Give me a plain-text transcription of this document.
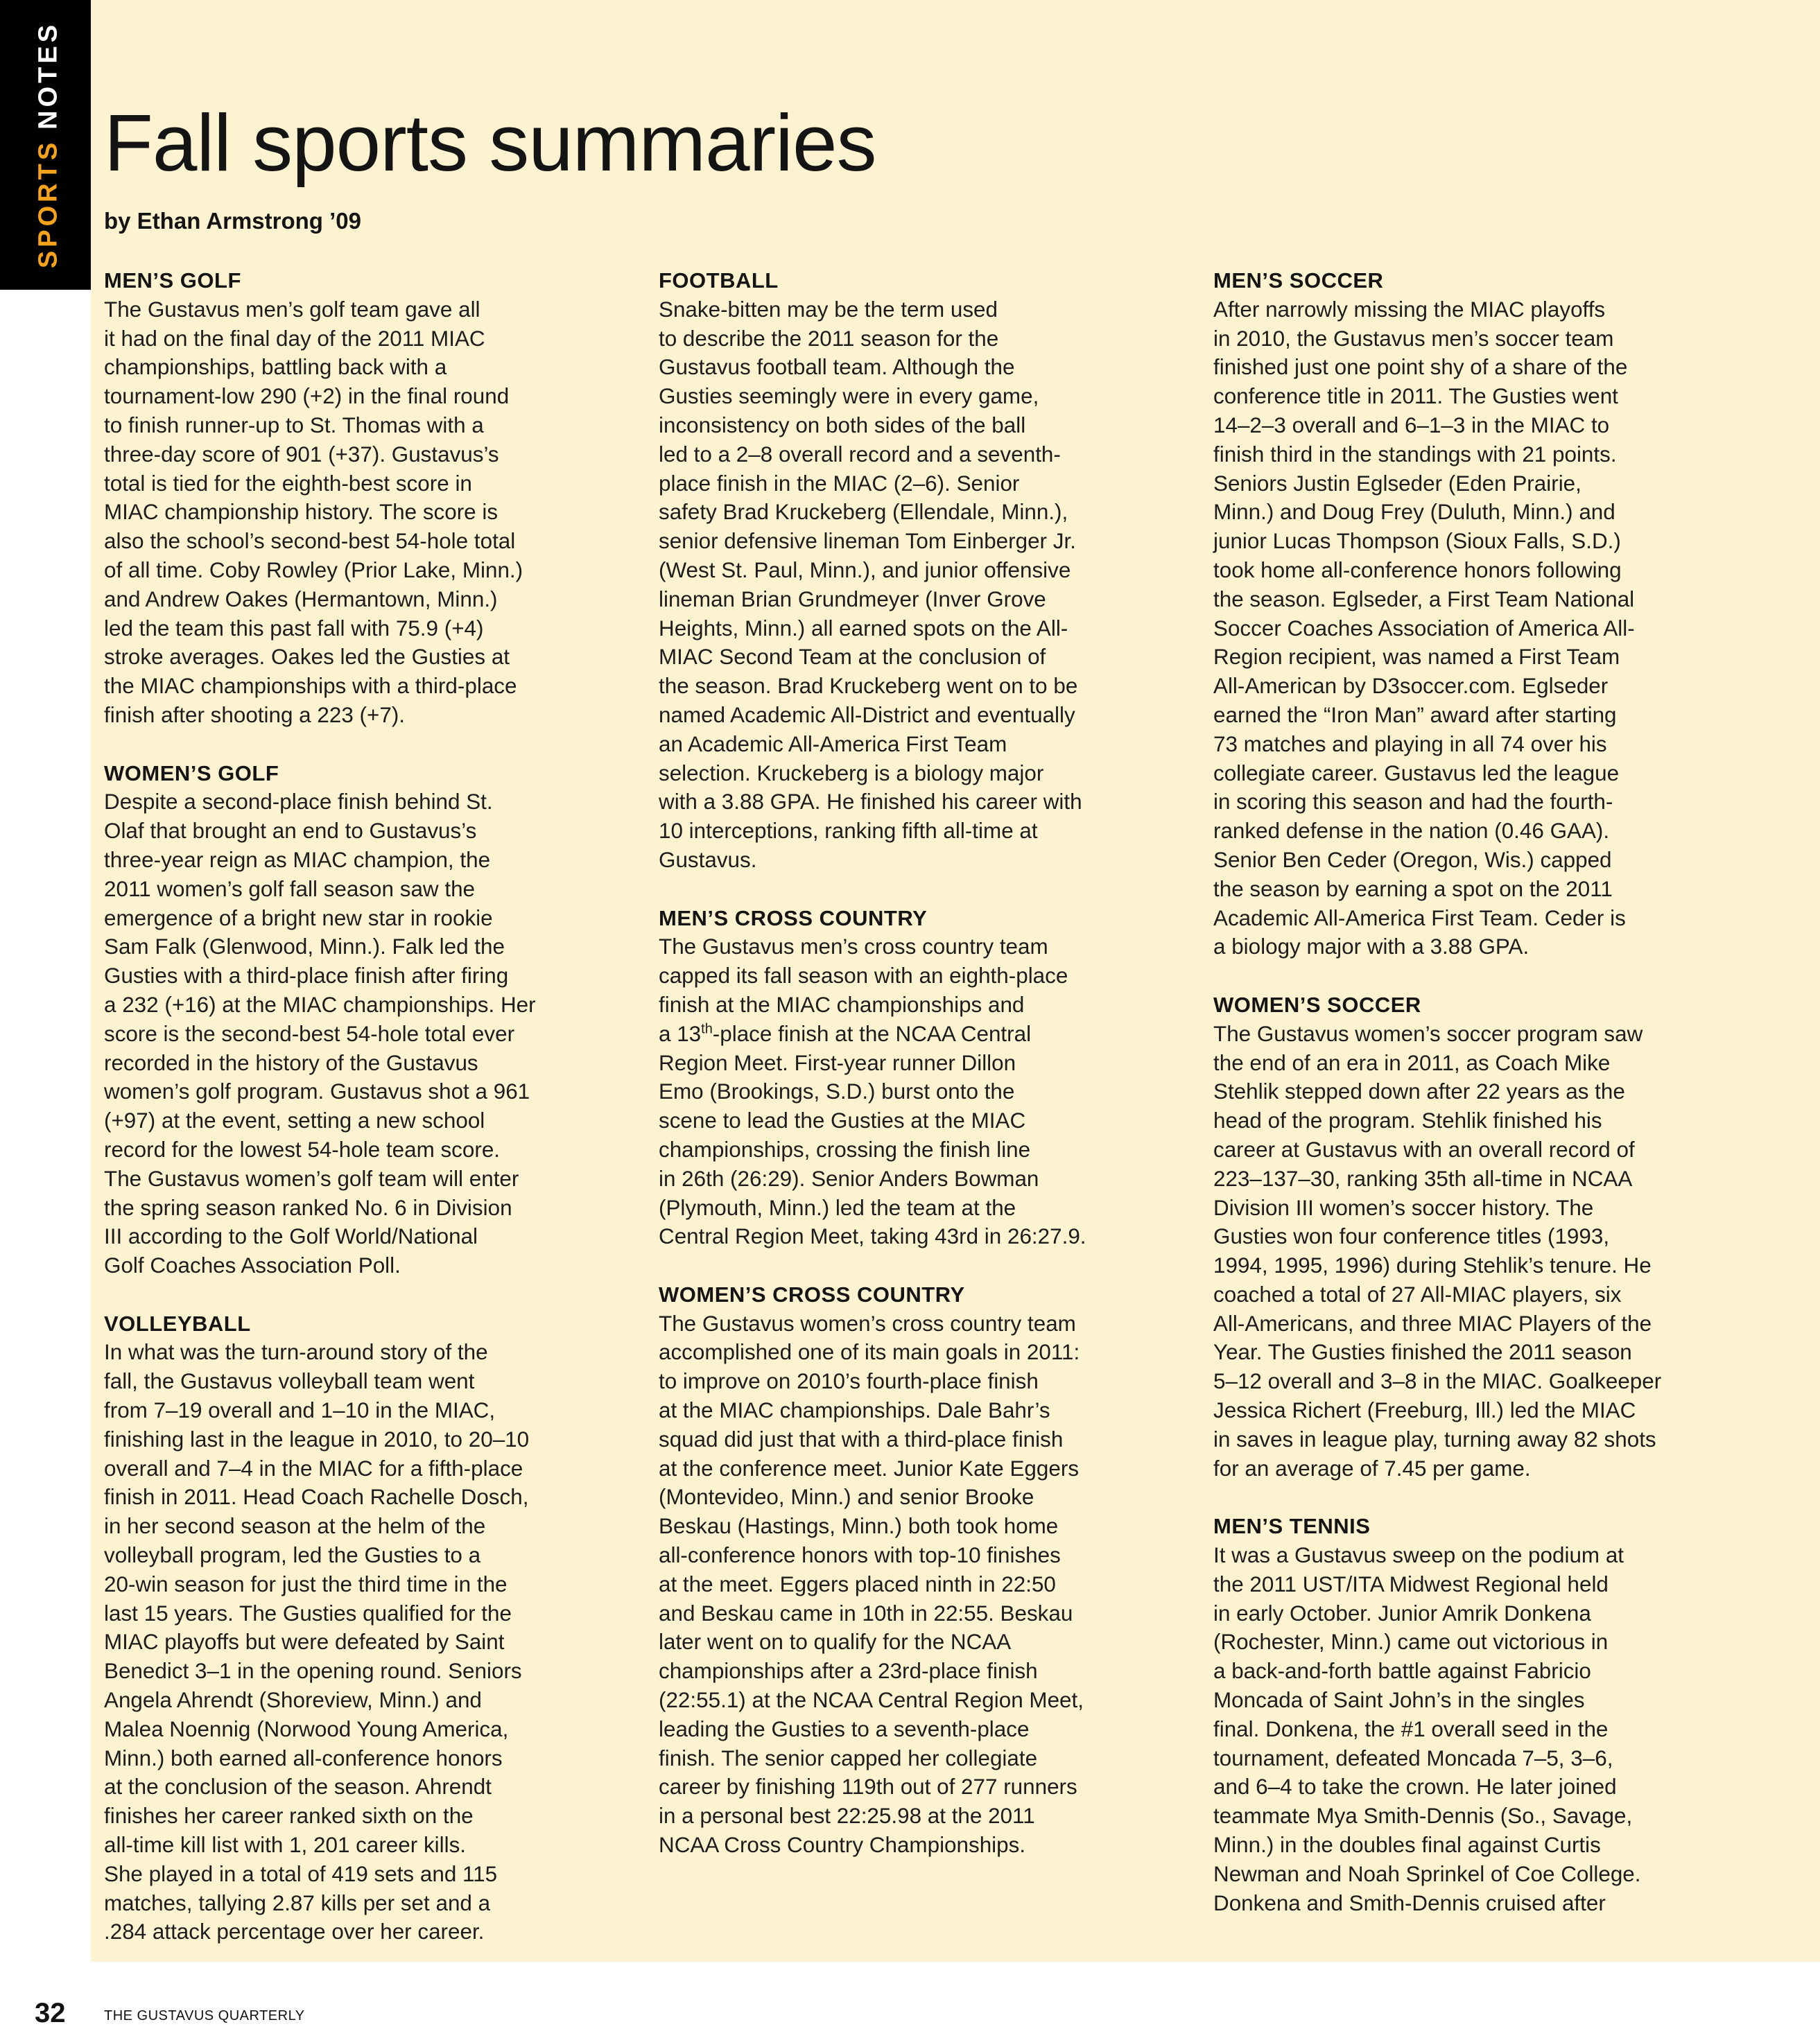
SPORTSNOTES
Fall sports summaries
by Ethan Armstrong ’09
MEN’S GOLF
The Gustavus men’s golf team gave all
it had on the final day of the 2011 MIAC
championships, battling back with a
tournament-low 290 (+2) in the final round
to finish runner-up to St. Thomas with a
three-day score of 901 (+37). Gustavus’s
total is tied for the eighth-best score in
MIAC championship history. The score is
also the school’s second-best 54-hole total
of all time. Coby Rowley (Prior Lake, Minn.)
and Andrew Oakes (Hermantown, Minn.)
led the team this past fall with 75.9 (+4)
stroke averages. Oakes led the Gusties at
the MIAC championships with a third-place
finish after shooting a 223 (+7).
WOMEN’S GOLF
Despite a second-place finish behind St.
Olaf that brought an end to Gustavus’s
three-year reign as MIAC champion, the
2011 women’s golf fall season saw the
emergence of a bright new star in rookie
Sam Falk (Glenwood, Minn.). Falk led the
Gusties with a third-place finish after firing
a 232 (+16) at the MIAC championships. Her
score is the second-best 54-hole total ever
recorded in the history of the Gustavus
women’s golf program. Gustavus shot a 961
(+97) at the event, setting a new school
record for the lowest 54-hole team score.
The Gustavus women’s golf team will enter
the spring season ranked No. 6 in Division
III according to the Golf World/National
Golf Coaches Association Poll.
VOLLEYBALL
In what was the turn-around story of the
fall, the Gustavus volleyball team went
from 7–19 overall and 1–10 in the MIAC,
finishing last in the league in 2010, to 20–10
overall and 7–4 in the MIAC for a fifth-place
finish in 2011. Head Coach Rachelle Dosch,
in her second season at the helm of the
volleyball program, led the Gusties to a
20-win season for just the third time in the
last 15 years. The Gusties qualified for the
MIAC playoffs but were defeated by Saint
Benedict 3–1 in the opening round. Seniors
Angela Ahrendt (Shoreview, Minn.) and
Malea Noennig (Norwood Young America,
Minn.) both earned all-conference honors
at the conclusion of the season. Ahrendt
finishes her career ranked sixth on the
all-time kill list with 1, 201 career kills.
She played in a total of 419 sets and 115
matches, tallying 2.87 kills per set and a
.284 attack percentage over her career.
FOOTBALL
Snake-bitten may be the term used
to describe the 2011 season for the
Gustavus football team. Although the
Gusties seemingly were in every game,
inconsistency on both sides of the ball
led to a 2–8 overall record and a seventh-
place finish in the MIAC (2–6). Senior
safety Brad Kruckeberg (Ellendale, Minn.),
senior defensive lineman Tom Einberger Jr.
(West St. Paul, Minn.), and junior offensive
lineman Brian Grundmeyer (Inver Grove
Heights, Minn.) all earned spots on the All-
MIAC Second Team at the conclusion of
the season. Brad Kruckeberg went on to be
named Academic All-District and eventually
an Academic All-America First Team
selection. Kruckeberg is a biology major
with a 3.88 GPA. He finished his career with
10 interceptions, ranking fifth all-time at
Gustavus.
MEN’S CROSS COUNTRY
The Gustavus men’s cross country team
capped its fall season with an eighth-place
finish at the MIAC championships and
a 13th-place finish at the NCAA Central
Region Meet. First-year runner Dillon
Emo (Brookings, S.D.) burst onto the
scene to lead the Gusties at the MIAC
championships, crossing the finish line
in 26th (26:29). Senior Anders Bowman
(Plymouth, Minn.) led the team at the
Central Region Meet, taking 43rd in 26:27.9.
WOMEN’S CROSS COUNTRY
The Gustavus women’s cross country team
accomplished one of its main goals in 2011:
to improve on 2010’s fourth-place finish
at the MIAC championships. Dale Bahr’s
squad did just that with a third-place finish
at the conference meet. Junior Kate Eggers
(Montevideo, Minn.) and senior Brooke
Beskau (Hastings, Minn.) both took home
all-conference honors with top-10 finishes
at the meet. Eggers placed ninth in 22:50
and Beskau came in 10th in 22:55. Beskau
later went on to qualify for the NCAA
championships after a 23rd-place finish
(22:55.1) at the NCAA Central Region Meet,
leading the Gusties to a seventh-place
finish. The senior capped her collegiate
career by finishing 119th out of 277 runners
in a personal best 22:25.98 at the 2011
NCAA Cross Country Championships.
MEN’S SOCCER
After narrowly missing the MIAC playoffs
in 2010, the Gustavus men’s soccer team
finished just one point shy of a share of the
conference title in 2011. The Gusties went
14–2–3 overall and 6–1–3 in the MIAC to
finish third in the standings with 21 points.
Seniors Justin Eglseder (Eden Prairie,
Minn.) and Doug Frey (Duluth, Minn.) and
junior Lucas Thompson (Sioux Falls, S.D.)
took home all-conference honors following
the season. Eglseder, a First Team National
Soccer Coaches Association of America All-
Region recipient, was named a First Team
All-American by D3soccer.com. Eglseder
earned the “Iron Man” award after starting
73 matches and playing in all 74 over his
collegiate career. Gustavus led the league
in scoring this season and had the fourth-
ranked defense in the nation (0.46 GAA).
Senior Ben Ceder (Oregon, Wis.) capped
the season by earning a spot on the 2011
Academic All-America First Team. Ceder is
a biology major with a 3.88 GPA.
WOMEN’S SOCCER
The Gustavus women’s soccer program saw
the end of an era in 2011, as Coach Mike
Stehlik stepped down after 22 years as the
head of the program. Stehlik finished his
career at Gustavus with an overall record of
223–137–30, ranking 35th all-time in NCAA
Division III women’s soccer history. The
Gusties won four conference titles (1993,
1994, 1995, 1996) during Stehlik’s tenure. He
coached a total of 27 All-MIAC players, six
All-Americans, and three MIAC Players of the
Year. The Gusties finished the 2011 season
5–12 overall and 3–8 in the MIAC. Goalkeeper
Jessica Richert (Freeburg, Ill.) led the MIAC
in saves in league play, turning away 82 shots
for an average of 7.45 per game.
MEN’S TENNIS
It was a Gustavus sweep on the podium at
the 2011 UST/ITA Midwest Regional held
in early October. Junior Amrik Donkena
(Rochester, Minn.) came out victorious in
a back-and-forth battle against Fabricio
Moncada of Saint John’s in the singles
final. Donkena, the #1 overall seed in the
tournament, defeated Moncada 7–5, 3–6,
and 6–4 to take the crown. He later joined
teammate Mya Smith-Dennis (So., Savage,
Minn.) in the doubles final against Curtis
Newman and Noah Sprinkel of Coe College.
Donkena and Smith-Dennis cruised after
32	THE GUSTAVUS QUARTERLY
